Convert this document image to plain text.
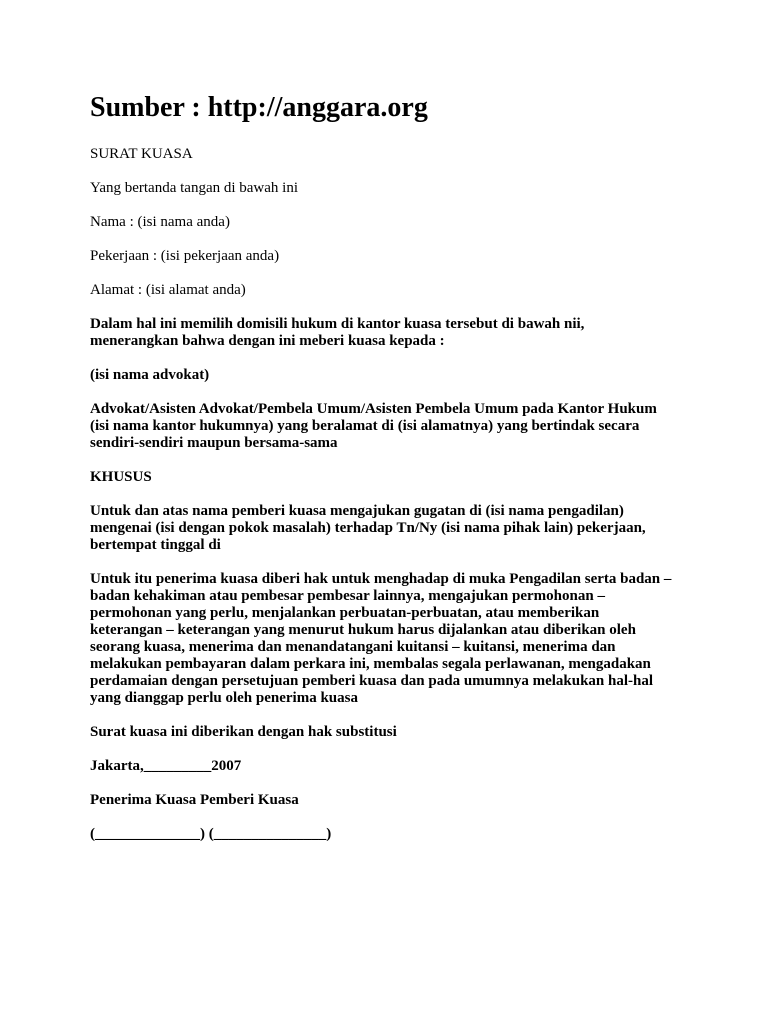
Sumber : http://anggara.org
SURAT KUASA
Yang bertanda tangan di bawah ini
Nama : (isi nama anda)
Pekerjaan : (isi pekerjaan anda)
Alamat : (isi alamat anda)
Dalam hal ini memilih domisili hukum di kantor kuasa tersebut di bawah nii,
menerangkan bahwa dengan ini meberi kuasa kepada :
(isi nama advokat)
Advokat/Asisten Advokat/Pembela Umum/Asisten Pembela Umum pada Kantor Hukum
(isi nama kantor hukumnya) yang beralamat di (isi alamatnya) yang bertindak secara
sendiri-sendiri maupun bersama-sama
KHUSUS
Untuk dan atas nama pemberi kuasa mengajukan gugatan di (isi nama pengadilan)
mengenai (isi dengan pokok masalah) terhadap Tn/Ny (isi nama pihak lain) pekerjaan,
bertempat tinggal di
Untuk itu penerima kuasa diberi hak untuk menghadap di muka Pengadilan serta badan –
badan kehakiman atau pembesar pembesar lainnya, mengajukan permohonan –
permohonan yang perlu, menjalankan perbuatan-perbuatan, atau memberikan
keterangan – keterangan yang menurut hukum harus dijalankan atau diberikan oleh
seorang kuasa, menerima dan menandatangani kuitansi – kuitansi, menerima dan
melakukan pembayaran dalam perkara ini, membalas segala perlawanan, mengadakan
perdamaian dengan persetujuan pemberi kuasa dan pada umumnya melakukan hal-hal
yang dianggap perlu oleh penerima kuasa
Surat kuasa ini diberikan dengan hak substitusi
Jakarta,_________2007
Penerima Kuasa Pemberi Kuasa
(______________) (_______________)
